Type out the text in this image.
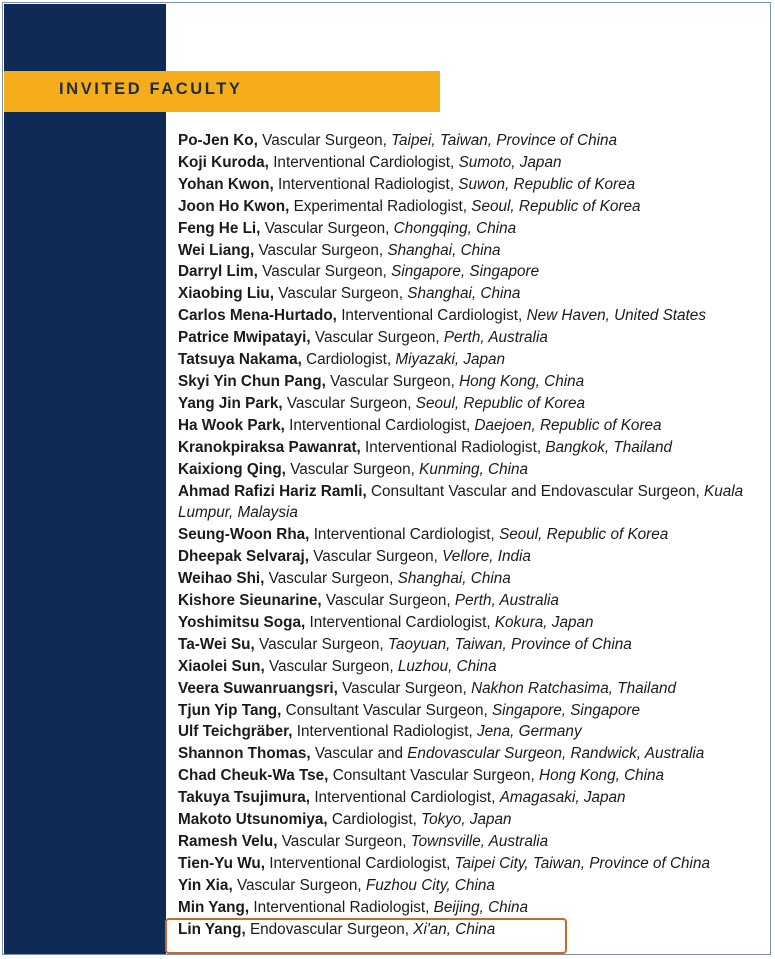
INVITED FACULTY
Po-Jen Ko, Vascular Surgeon, Taipei, Taiwan, Province of China
Koji Kuroda, Interventional Cardiologist, Sumoto, Japan
Yohan Kwon, Interventional Radiologist, Suwon, Republic of Korea
Joon Ho Kwon, Experimental Radiologist, Seoul, Republic of Korea
Feng He Li, Vascular Surgeon, Chongqing, China
Wei Liang, Vascular Surgeon, Shanghai, China
Darryl Lim, Vascular Surgeon, Singapore, Singapore
Xiaobing Liu, Vascular Surgeon, Shanghai, China
Carlos Mena-Hurtado, Interventional Cardiologist, New Haven, United States
Patrice Mwipatayi, Vascular Surgeon, Perth, Australia
Tatsuya Nakama, Cardiologist, Miyazaki, Japan
Skyi Yin Chun Pang, Vascular Surgeon, Hong Kong, China
Yang Jin Park, Vascular Surgeon, Seoul, Republic of Korea
Ha Wook Park, Interventional Cardiologist, Daejoen, Republic of Korea
Kranokpiraksa Pawanrat, Interventional Radiologist, Bangkok, Thailand
Kaixiong Qing, Vascular Surgeon, Kunming, China
Ahmad Rafizi Hariz Ramli, Consultant Vascular and Endovascular Surgeon, Kuala Lumpur, Malaysia
Seung-Woon Rha, Interventional Cardiologist, Seoul, Republic of Korea
Dheepak Selvaraj, Vascular Surgeon, Vellore, India
Weihao Shi, Vascular Surgeon, Shanghai, China
Kishore Sieunarine, Vascular Surgeon, Perth, Australia
Yoshimitsu Soga, Interventional Cardiologist, Kokura, Japan
Ta-Wei Su, Vascular Surgeon, Taoyuan, Taiwan, Province of China
Xiaolei Sun, Vascular Surgeon, Luzhou, China
Veera Suwanruangsri, Vascular Surgeon, Nakhon Ratchasima, Thailand
Tjun Yip Tang, Consultant Vascular Surgeon, Singapore, Singapore
Ulf Teichgräber, Interventional Radiologist, Jena, Germany
Shannon Thomas, Vascular and Endovascular Surgeon, Randwick, Australia
Chad Cheuk-Wa Tse, Consultant Vascular Surgeon, Hong Kong, China
Takuya Tsujimura, Interventional Cardiologist, Amagasaki, Japan
Makoto Utsunomiya, Cardiologist, Tokyo, Japan
Ramesh Velu, Vascular Surgeon, Townsville, Australia
Tien-Yu Wu, Interventional Cardiologist, Taipei City, Taiwan, Province of China
Yin Xia, Vascular Surgeon, Fuzhou City, China
Min Yang, Interventional Radiologist, Beijing, China
Lin Yang, Endovascular Surgeon, Xi'an, China
